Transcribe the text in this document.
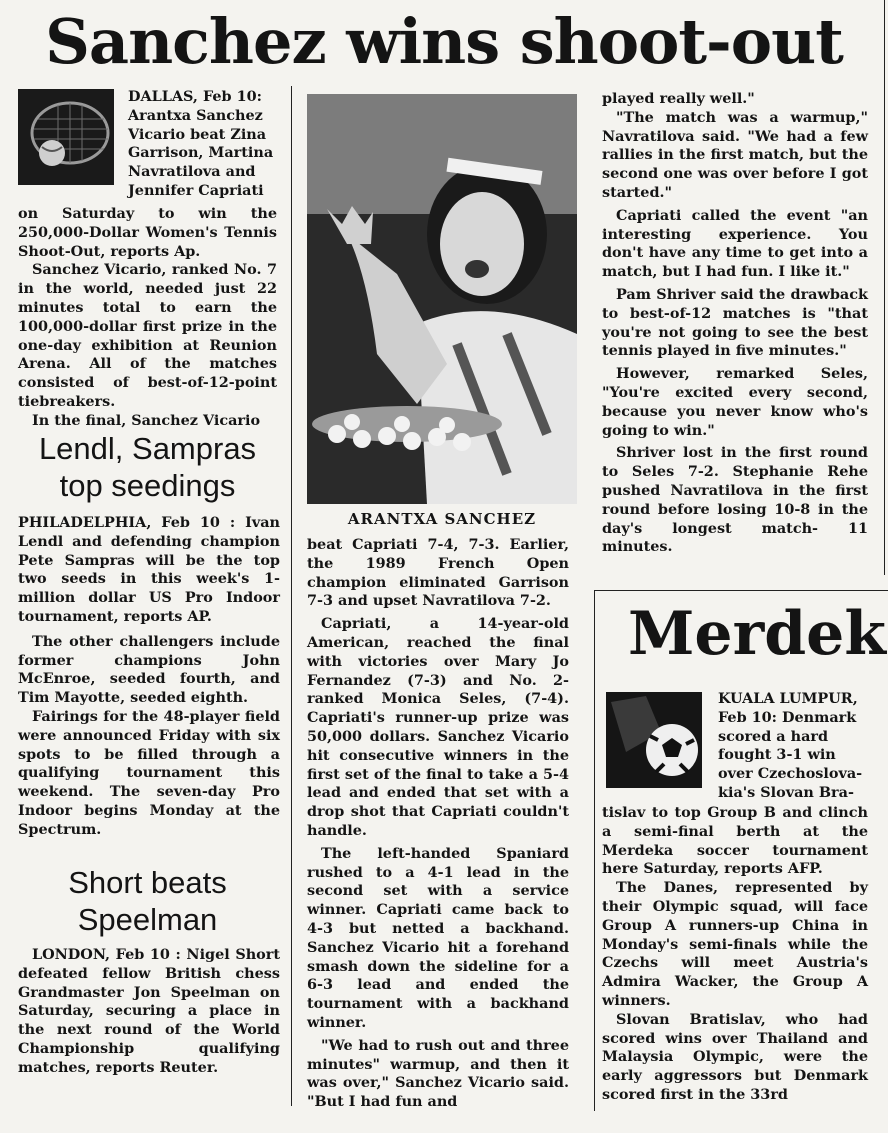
Sanchez wins shoot-out
DALLAS, Feb 10:
Arantxa Sanchez
Vicario beat Zina
Garrison, Martina
Navratilova and
Jennifer Capriati

on Saturday to win the 250,000-Dollar Women's Tennis Shoot-Out, reports Ap.

Sanchez Vicario, ranked No. 7 in the world, needed just 22 minutes total to earn the 100,000-dollar first prize in the one-day exhibition at Reunion Arena. All of the matches consisted of best-of-12-point tiebreakers.

In the final, Sanchez Vicario

Lendl, Sampras
top seedings

PHILADELPHIA, Feb 10 : Ivan Lendl and defending champion Pete Sampras will be the top two seeds in this week's 1-million dollar US Pro Indoor tournament, reports AP.

The other challengers include former champions John McEnroe, seeded fourth, and Tim Mayotte, seeded eighth.

Fairings for the 48-player field were announced Friday with six spots to be filled through a qualifying tournament this weekend. The seven-day Pro Indoor begins Monday at the Spectrum.

Short beats
Speelman

LONDON, Feb 10 : Nigel Short defeated fellow British chess Grandmaster Jon Speelman on Saturday, securing a place in the next round of the World Championship qualifying matches, reports Reuter.

ARANTXA SANCHEZ

beat Capriati 7-4, 7-3. Earlier, the 1989 French Open champion eliminated Garrison 7-3 and upset Navratilova 7-2.

Capriati, a 14-year-old American, reached the final with victories over Mary Jo Fernandez (7-3) and No. 2-ranked Monica Seles, (7-4). Capriati's runner-up prize was 50,000 dollars. Sanchez Vicario hit consecutive winners in the first set of the final to take a 5-4 lead and ended that set with a drop shot that Capriati couldn't handle.

The left-handed Spaniard rushed to a 4-1 lead in the second set with a service winner. Capriati came back to 4-3 but netted a backhand. Sanchez Vicario hit a forehand smash down the sideline for a 6-3 lead and ended the tournament with a backhand winner.

"We had to rush out and three minutes" warmup, and then it was over," Sanchez Vicario said. "But I had fun and

played really well."

"The match was a warmup," Navratilova said. "We had a few rallies in the first match, but the second one was over before I got started."

Capriati called the event "an interesting experience. You don't have any time to get into a match, but I had fun. I like it."

Pam Shriver said the drawback to best-of-12 matches is "that you're not going to see the best tennis played in five minutes."

However, remarked Seles, "You're excited every second, because you never know who's going to win."

Shriver lost in the first round to Seles 7-2. Stephanie Rehe pushed Navratilova in the first round before losing 10-8 in the day's longest match- 11 minutes.

Merdek
KUALA LUMPUR,
Feb 10: Denmark
scored a hard
fought 3-1 win
over Czechoslova-
kia's Slovan Bra-

tislav to top Group B and clinch a semi-final berth at the Merdeka soccer tournament here Saturday, reports AFP.

The Danes, represented by their Olympic squad, will face Group A runners-up China in Monday's semi-finals while the Czechs will meet Austria's Admira Wacker, the Group A winners.

Slovan Bratislav, who had scored wins over Thailand and Malaysia Olympic, were the early aggressors but Denmark scored first in the 33rd
